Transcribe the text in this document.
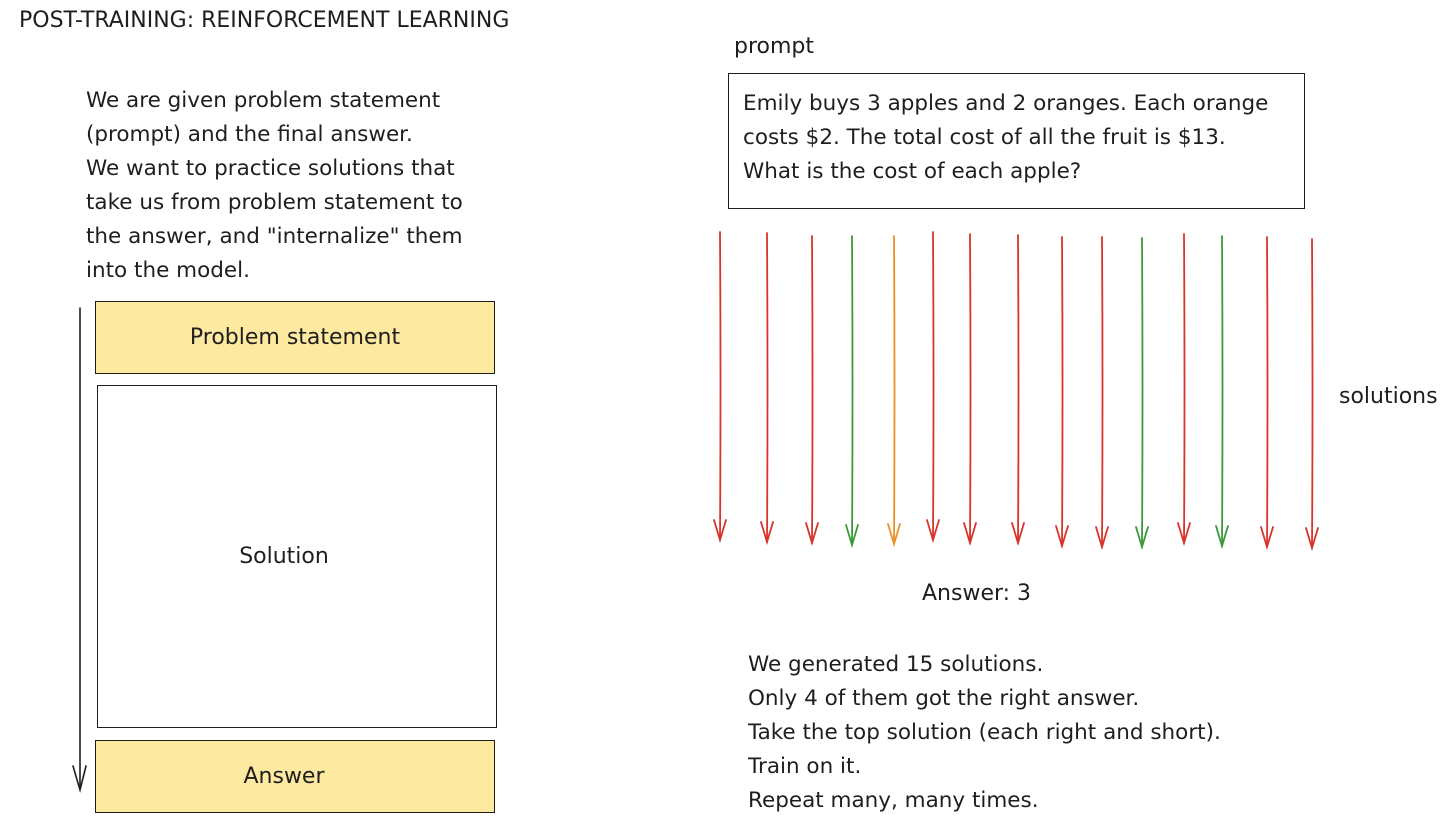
POST-TRAINING: REINFORCEMENT LEARNING
We are given problem statement
(prompt) and the final answer.
We want to practice solutions that
take us from problem statement to
the answer, and "internalize" them
into the model.
Problem statement
Solution
Answer
prompt
Emily buys 3 apples and 2 oranges. Each orange
costs $2. The total cost of all the fruit is $13.
What is the cost of each apple?
solutions
Answer: 3
We generated 15 solutions.
Only 4 of them got the right answer.
Take the top solution (each right and short).
Train on it.
Repeat many, many times.
